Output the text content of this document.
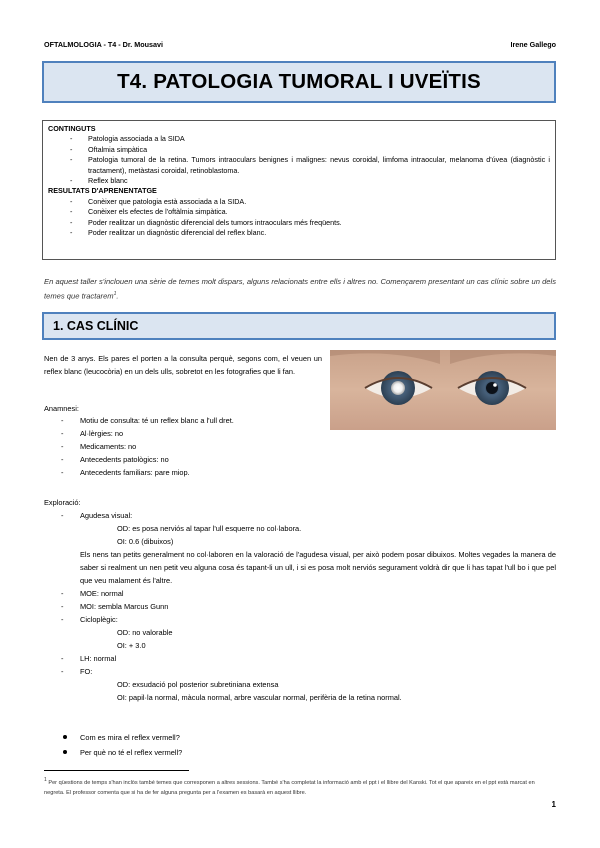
OFTALMOLOGIA - T4 - Dr. Mousavi	Irene Gallego
T4. PATOLOGIA TUMORAL I UVEÏTIS
CONTINGUTS
- Patologia associada a la SIDA
- Oftalmia simpàtica
- Patologia tumoral de la retina. Tumors intraoculars benignes i malignes: nevus coroidal, limfoma intraocular, melanoma d'úvea (diagnòstic i tractament), metàstasi coroidal, retinoblastoma.
- Reflex blanc
RESULTATS D'APRENENTATGE
- Conèixer que patologia està associada a la SIDA.
- Conèixer els efectes de l'oftàlmia simpàtica.
- Poder realitzar un diagnòstic diferencial dels tumors intraoculars més freqüents.
- Poder realitzar un diagnòstic diferencial del reflex blanc.
En aquest taller s'inclouen una sèrie de temes molt dispars, alguns relacionats entre ells i altres no. Començarem presentant un cas clínic sobre un dels temes que tractarem$^1$.
1. CAS CLÍNIC
Nen de 3 anys. Els pares el porten a la consulta perquè, segons com, el veuen un reflex blanc (leucocòria) en un dels ulls, sobretot en les fotografies que li fan.
Anamnesi:
- Motiu de consulta: té un reflex blanc a l'ull dret.
- Al·lèrgies: no
- Medicaments: no
- Antecedents patològics: no
- Antecedents familiars: pare miop.
Exploració:
- Agudesa visual:
OD: es posa nerviós al tapar l'ull esquerre no col·labora.
OI: 0.6 (dibuixos)
Els nens tan petits generalment no col·laboren en la valoració de l'agudesa visual, per això podem posar dibuixos. Moltes vegades la manera de saber si realment un nen petit veu alguna cosa és tapant-li un ull, i si es posa molt nerviós segurament voldrà dir que li has tapat l'ull bo i que pel que veu malament és l'altre.
- MOE: normal
- MOI: sembla Marcus Gunn
- Cicloplègic:
OD: no valorable
OI: + 3.0
- LH: normal
- FO:
OD: exsudació pol posterior subretiniana extensa
OI: papil·la normal, màcula normal, arbre vascular normal, perifèria de la retina normal.
Com es mira el reflex vermell?
Per què no té el reflex vermell?
$^1$ Per qüestions de temps s'han inclòs també temes que corresponen a altres sessions. També s'ha completat la informació amb el ppt i el llibre del Kanski. Tot el que apareix en el ppt està marcat en negreta. El professor comenta que si ha de fer alguna pregunta per a l'examen es basarà en aquest llibre.
1
